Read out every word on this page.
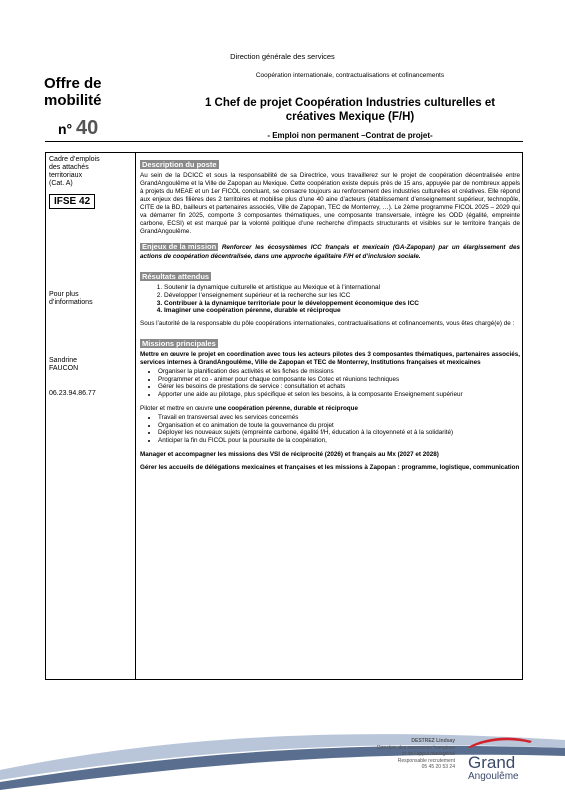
Direction générale des services
Offre de
mobilité
n° 40
Coopération internationale, contractualisations et cofinancements
1 Chef de projet Coopération Industries culturelles et
créatives Mexique (F/H)
- Emploi non permanent –Contrat de projet-
Cadre d’emplois
des attachés
territoriaux
(Cat. A)
IFSE 42
Pour plus
d’informations
Sandrine
FAUCON
06.23.94.86.77
Description du poste
Au sein de la DCICC et sous la responsabilité de sa Directrice, vous travaillerez sur le projet de coopération décentralisée entre GrandAngoulême et la Ville de Zapopan au Mexique. Cette coopération existe depuis près de 15 ans, appuyée par de nombreux appels à projets du MEAE et un 1er FICOL concluant, se consacre toujours au renforcement des industries culturelles et créatives. Elle répond aux enjeux des filières des 2 territoires et mobilise plus d’une 40 aine d’acteurs (établissement d’enseignement supérieur, technopôle, CITE de la BD, bailleurs et partenaires associés, Ville de Zapopan, TEC de Monterrey, …). Le 2ème programme FICOL 2025 – 2029 qui va démarrer fin 2025, comporte 3 composantes thématiques, une composante transversale, intègre les ODD (égalité, empreinte carbone, ECSI) et est marqué par la volonté politique d’une recherche d’impacts structurants et visibles sur le territoire français de GrandAngoulême.
Enjeux de la mission Renforcer les écosystèmes ICC français et mexicain (GA-Zapopan) par un élargissement des actions de coopération décentralisée, dans une approche égalitaire F/H et d’inclusion sociale.
Résultats attendus
1. Soutenir la dynamique culturelle et artistique au Mexique et à l’international
2. Développer l’enseignement supérieur et la recherche sur les ICC
3. Contribuer à la dynamique territoriale pour le développement économique des ICC
4. Imaginer une coopération pérenne, durable et réciproque
Sous l’autorité de la responsable du pôle coopérations internationales, contractualisations et cofinancements, vous êtes chargé(e) de :
Missions principales
Mettre en œuvre le projet en coordination avec tous les acteurs pilotes des 3 composantes thématiques, partenaires associés, services internes à GrandAngoulême, Ville de Zapopan et TEC de Monterrey, Institutions françaises et mexicaines
• Organiser la planification des activités et les fiches de missions
• Programmer et co - animer pour chaque composante les Cotec et réunions techniques
• Gérer les besoins de prestations de service : consultation et achats
• Apporter une aide au pilotage, plus spécifique et selon les besoins, à la composante Enseignement supérieur
Piloter et mettre en œuvre une coopération pérenne, durable et réciproque
• Travail en transversal avec les services concernés
• Organisation et co animation de toute la gouvernance du projet
• Déployer les nouveaux sujets (empreinte carbone, égalité f/H, éducation à la citoyenneté et à la solidarité)
• Anticiper la fin du FICOL pour la poursuite de la coopération,
Manager et accompagner les missions des VSI de réciprocité (2026) et français au Mx (2027 et 2028)
Gérer les accueils de délégations mexicaines et françaises et les missions à Zapopan : programme, logistique, communication
DESTREZ Lindsay
Direction des ressources humaines
et de l’appui managérial
Responsable recrutement
05 45 20 53 24 Grand
Angoulême
